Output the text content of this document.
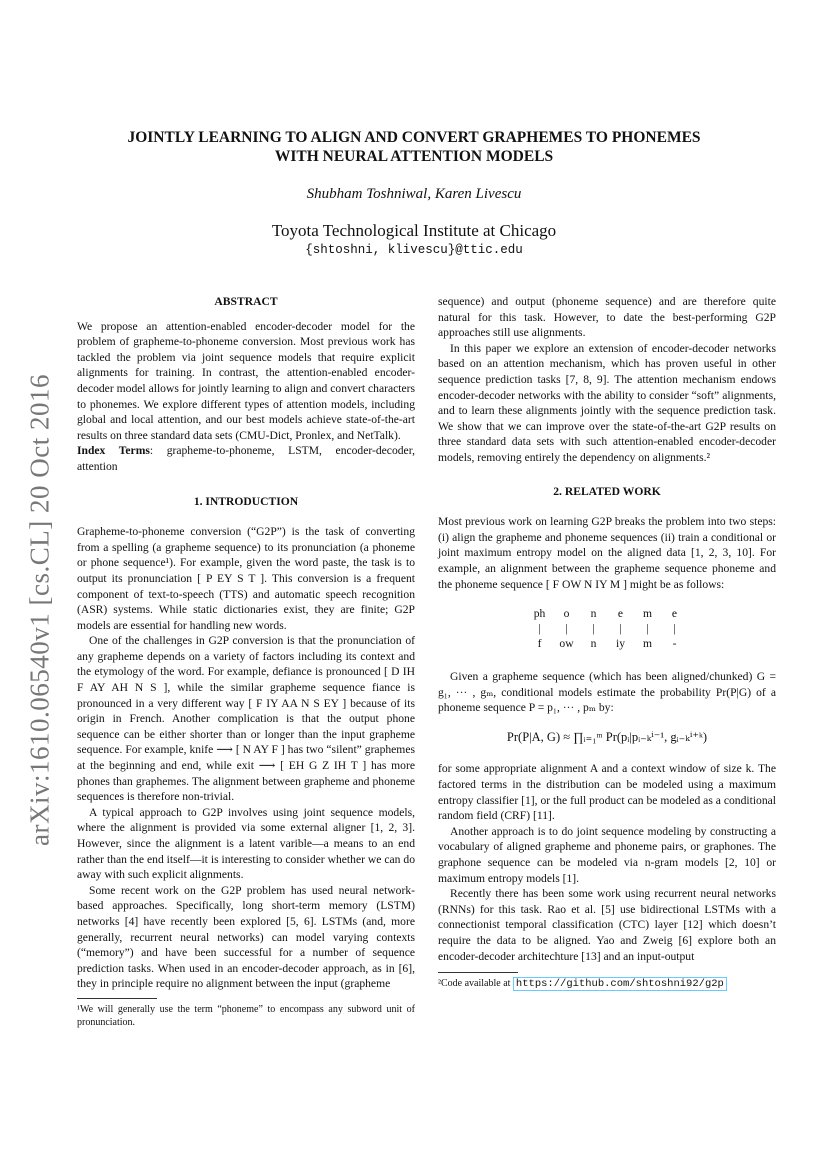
arXiv:1610.06540v1 [cs.CL] 20 Oct 2016
JOINTLY LEARNING TO ALIGN AND CONVERT GRAPHEMES TO PHONEMES
WITH NEURAL ATTENTION MODELS
Shubham Toshniwal, Karen Livescu
Toyota Technological Institute at Chicago
{shtoshni, klivescu}@ttic.edu

ABSTRACT

We propose an attention-enabled encoder-decoder model for the problem of grapheme-to-phoneme conversion. Most previous work has tackled the problem via joint sequence models that require explicit alignments for training. In contrast, the attention-enabled encoder-decoder model allows for jointly learning to align and convert characters to phonemes. We explore different types of attention models, including global and local attention, and our best models achieve state-of-the-art results on three standard data sets (CMU-Dict, Pronlex, and NetTalk).

Index Terms: grapheme-to-phoneme, LSTM, encoder-decoder, attention

1. INTRODUCTION

Grapheme-to-phoneme conversion (“G2P”) is the task of converting from a spelling (a grapheme sequence) to its pronunciation (a phoneme or phone sequence¹). For example, given the word paste, the task is to output its pronunciation [ P EY S T ]. This conversion is a frequent component of text-to-speech (TTS) and automatic speech recognition (ASR) systems. While static dictionaries exist, they are finite; G2P models are essential for handling new words.

One of the challenges in G2P conversion is that the pronunciation of any grapheme depends on a variety of factors including its context and the etymology of the word. For example, defiance is pronounced [ D IH F AY AH N S ], while the similar grapheme sequence fiance is pronounced in a very different way [ F IY AA N S EY ] because of its origin in French. Another complication is that the output phone sequence can be either shorter than or longer than the input grapheme sequence. For example, knife ⟶ [ N AY F ] has two “silent” graphemes at the beginning and end, while exit ⟶ [ EH G Z IH T ] has more phones than graphemes. The alignment between grapheme and phoneme sequences is therefore non-trivial.

A typical approach to G2P involves using joint sequence models, where the alignment is provided via some external aligner [1, 2, 3]. However, since the alignment is a latent varible—a means to an end rather than the end itself—it is interesting to consider whether we can do away with such explicit alignments.

Some recent work on the G2P problem has used neural network-based approaches. Specifically, long short-term memory (LSTM) networks [4] have recently been explored [5, 6]. LSTMs (and, more generally, recurrent neural networks) can model varying contexts (“memory”) and have been successful for a number of sequence prediction tasks. When used in an encoder-decoder approach, as in [6], they in principle require no alignment between the input (grapheme

¹We will generally use the term “phoneme” to encompass any subword unit of pronunciation.

sequence) and output (phoneme sequence) and are therefore quite natural for this task. However, to date the best-performing G2P approaches still use alignments.

In this paper we explore an extension of encoder-decoder networks based on an attention mechanism, which has proven useful in other sequence prediction tasks [7, 8, 9]. The attention mechanism endows encoder-decoder networks with the ability to consider “soft” alignments, and to learn these alignments jointly with the sequence prediction task. We show that we can improve over the state-of-the-art G2P results on three standard data sets with such attention-enabled encoder-decoder models, removing entirely the dependency on alignments.²

2. RELATED WORK

Most previous work on learning G2P breaks the problem into two steps: (i) align the grapheme and phoneme sequences (ii) train a conditional or joint maximum entropy model on the aligned data [1, 2, 3, 10]. For example, an alignment between the grapheme sequence phoneme and the phoneme sequence [ F OW N IY M ] might be as follows:

ph	o	n	e	m	e
|	|	|	|	|	|
f	ow	n	iy	m	-

Given a grapheme sequence (which has been aligned/chunked) G = g₁, ··· , gₘ, conditional models estimate the probability Pr(P|G) of a phoneme sequence P = p₁, ··· , pₘ by:

Pr(P|A, G) ≈ ∏ᵢ₌₁ᵐ Pr(pᵢ|pᵢ₋ₖⁱ⁻¹, gᵢ₋ₖⁱ⁺ᵏ)

for some appropriate alignment A and a context window of size k. The factored terms in the distribution can be modeled using a maximum entropy classifier [1], or the full product can be modeled as a conditional random field (CRF) [11].

Another approach is to do joint sequence modeling by constructing a vocabulary of aligned grapheme and phoneme pairs, or graphones. The graphone sequence can be modeled via n-gram models [2, 10] or maximum entropy models [1].

Recently there has been some work using recurrent neural networks (RNNs) for this task. Rao et al. [5] use bidirectional LSTMs with a connectionist temporal classification (CTC) layer [12] which doesn’t require the data to be aligned. Yao and Zweig [6] explore both an encoder-decoder architechture [13] and an input-output

²Code available at https://github.com/shtoshni92/g2p
